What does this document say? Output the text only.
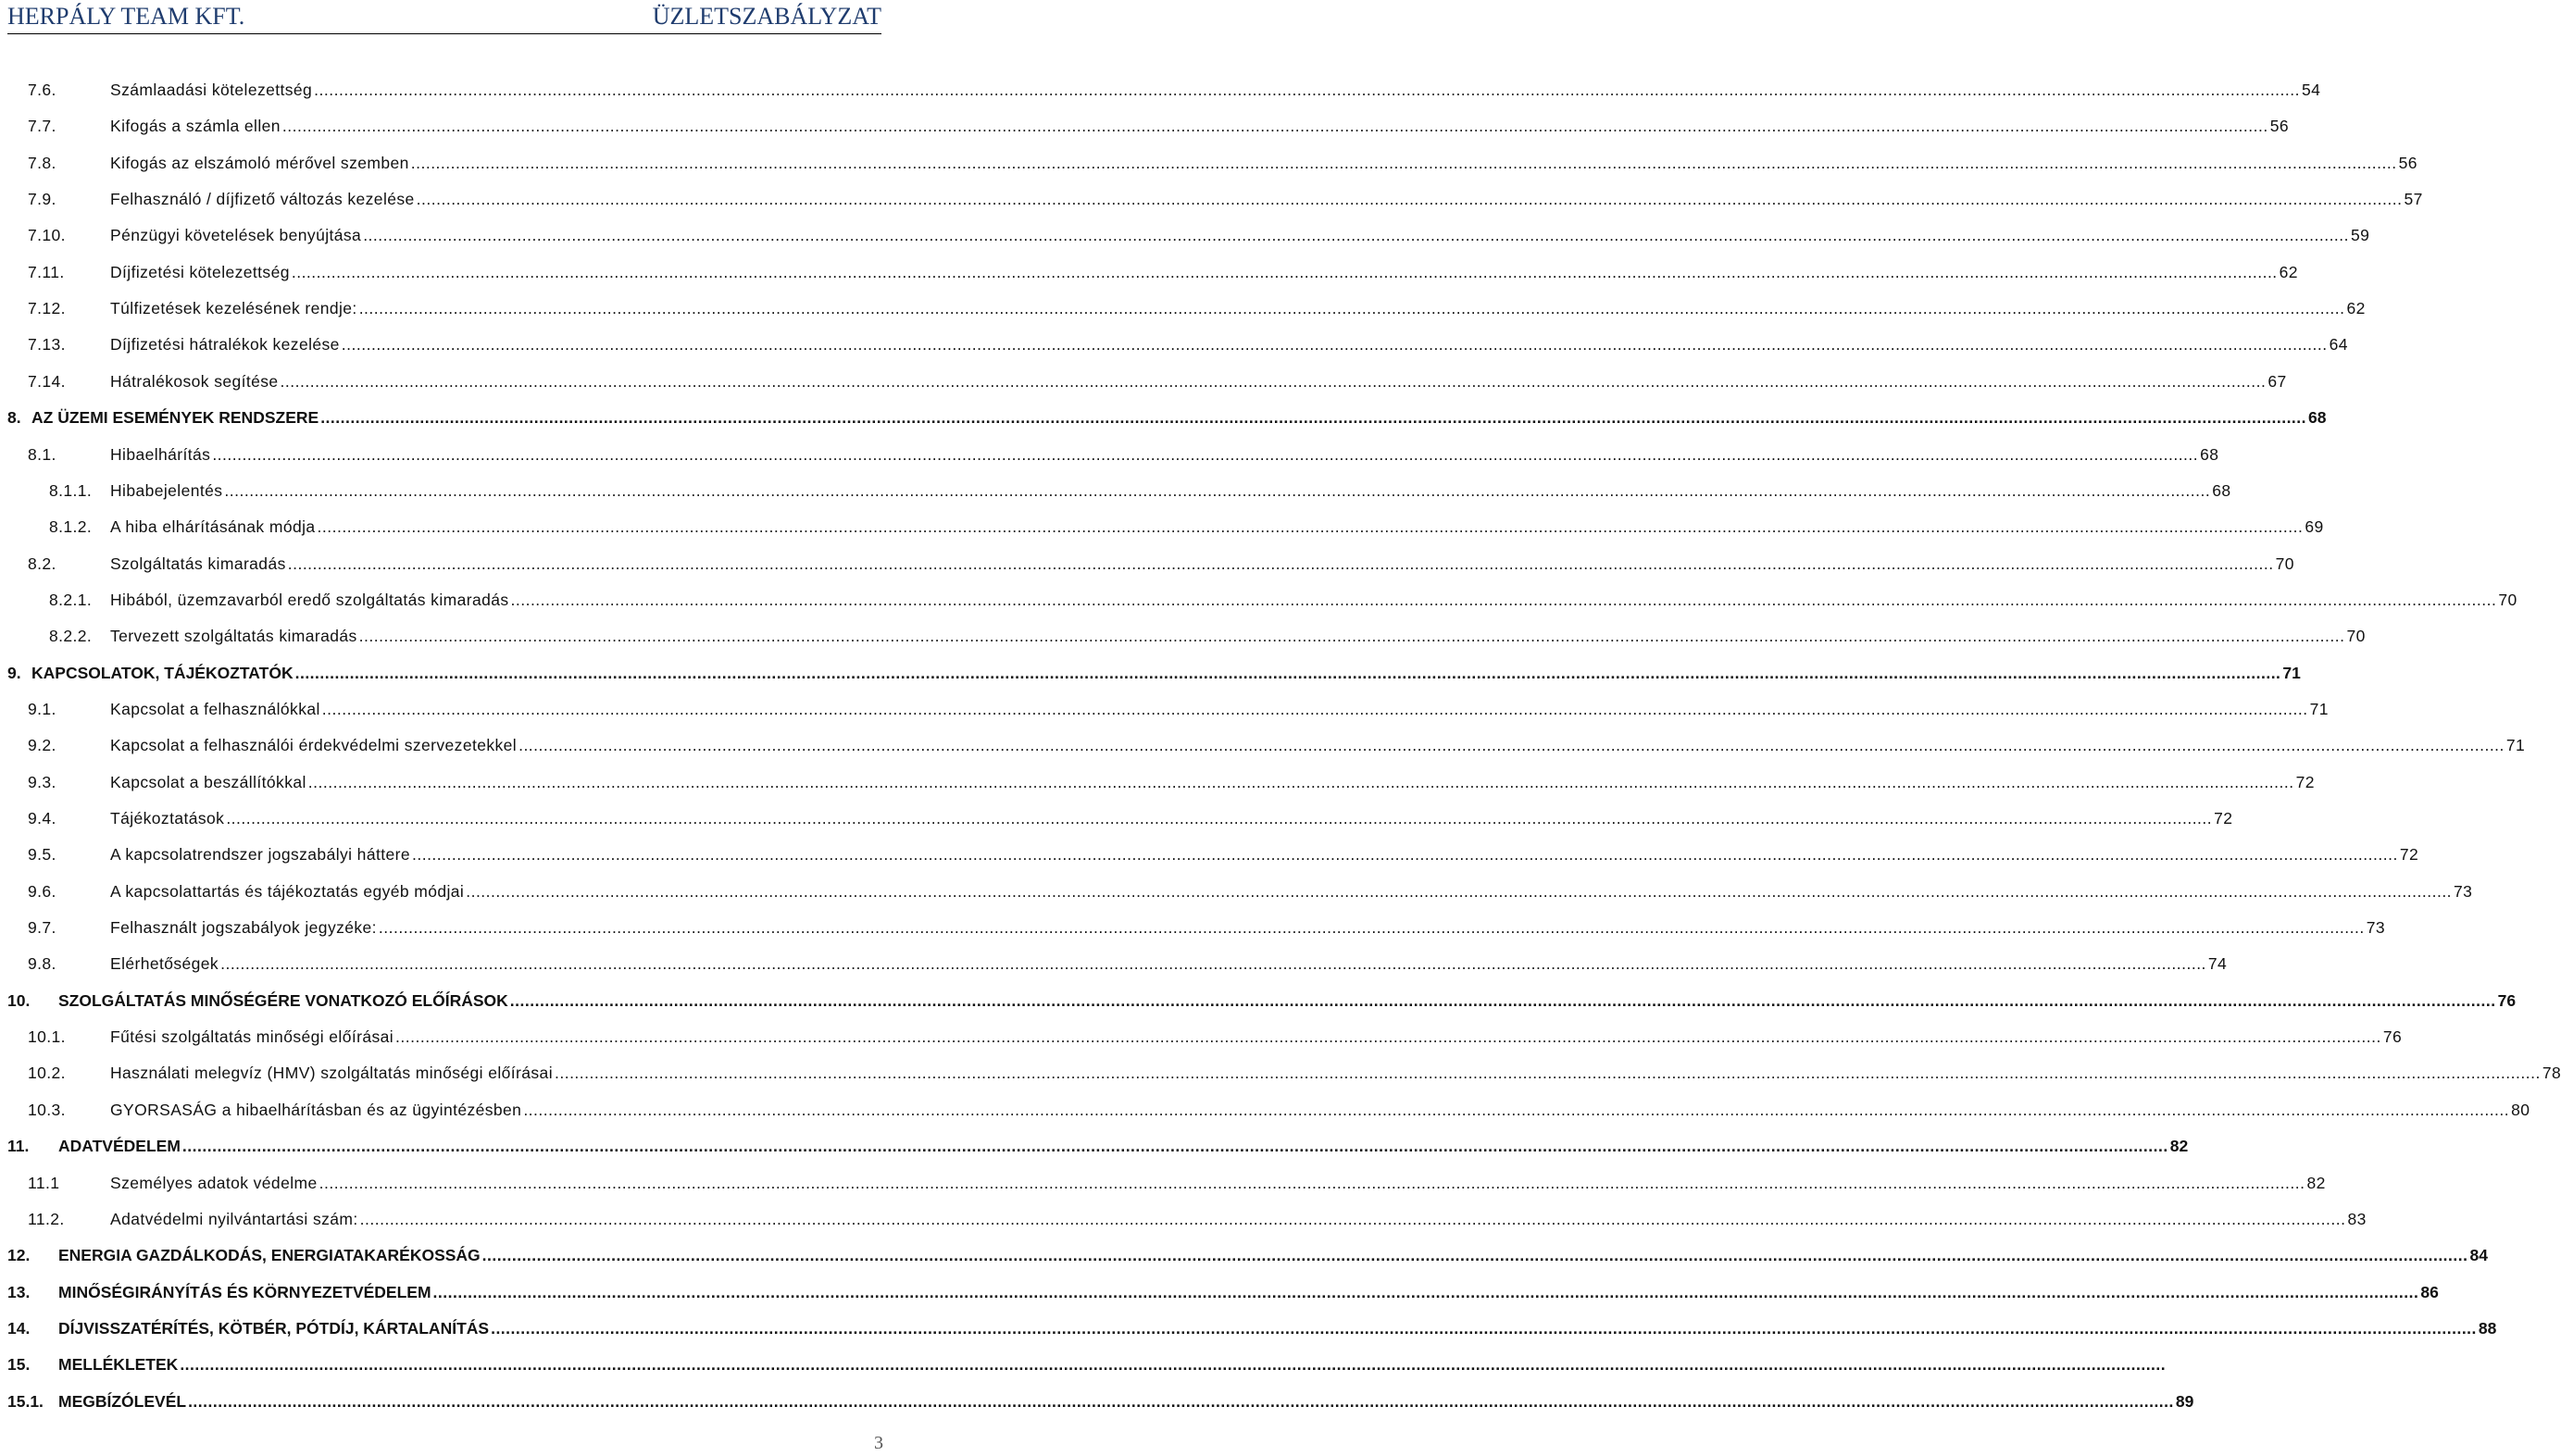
HERPÁLY TEAM KFT.	ÜZLETSZABÁLYZAT
7.6.	Számlaadási kötelezettség ................................................................................................................................................................................................................................................................................................................................................................................................................ 54
7.7.	Kifogás a számla ellen ................................................................................................................................................................................................................................................................................................................................................................................................................ 56
7.8.	Kifogás az elszámoló mérővel szemben ................................................................................................................................................................................................................................................................................................................................................................................................................ 56
7.9.	Felhasználó / díjfizető változás kezelése ................................................................................................................................................................................................................................................................................................................................................................................................................ 57
7.10.	Pénzügyi követelések benyújtása ................................................................................................................................................................................................................................................................................................................................................................................................................ 59
7.11.	Díjfizetési kötelezettség ................................................................................................................................................................................................................................................................................................................................................................................................................ 62
7.12.	Túlfizetések kezelésének rendje: ................................................................................................................................................................................................................................................................................................................................................................................................................ 62
7.13.	Díjfizetési hátralékok kezelése ................................................................................................................................................................................................................................................................................................................................................................................................................ 64
7.14.	Hátralékosok segítése ................................................................................................................................................................................................................................................................................................................................................................................................................ 67
8. AZ ÜZEMI ESEMÉNYEK RENDSZERE ................................................................................................................................................................................................................................................................................................................................................................................................................ 68
8.1.	Hibaelhárítás ................................................................................................................................................................................................................................................................................................................................................................................................................ 68
8.1.1. Hibabejelentés ................................................................................................................................................................................................................................................................................................................................................................................................................ 68
8.1.2. A hiba elhárításának módja ................................................................................................................................................................................................................................................................................................................................................................................................................ 69
8.2.	Szolgáltatás kimaradás ................................................................................................................................................................................................................................................................................................................................................................................................................ 70
8.2.1. Hibából, üzemzavarból eredő szolgáltatás kimaradás ................................................................................................................................................................................................................................................................................................................................................................................................................ 70
8.2.2. Tervezett szolgáltatás kimaradás ................................................................................................................................................................................................................................................................................................................................................................................................................ 70
9. KAPCSOLATOK, TÁJÉKOZTATÓK ................................................................................................................................................................................................................................................................................................................................................................................................................ 71
9.1.	Kapcsolat a felhasználókkal ................................................................................................................................................................................................................................................................................................................................................................................................................ 71
9.2.	Kapcsolat a felhasználói érdekvédelmi szervezetekkel ................................................................................................................................................................................................................................................................................................................................................................................................................ 71
9.3.	Kapcsolat a beszállítókkal ................................................................................................................................................................................................................................................................................................................................................................................................................ 72
9.4.	Tájékoztatások ................................................................................................................................................................................................................................................................................................................................................................................................................ 72
9.5.	A kapcsolatrendszer jogszabályi háttere ................................................................................................................................................................................................................................................................................................................................................................................................................ 72
9.6.	A kapcsolattartás és tájékoztatás egyéb módjai ................................................................................................................................................................................................................................................................................................................................................................................................................ 73
9.7.	Felhasznált jogszabályok jegyzéke: ................................................................................................................................................................................................................................................................................................................................................................................................................ 73
9.8.	Elérhetőségek ................................................................................................................................................................................................................................................................................................................................................................................................................ 74
10. SZOLGÁLTATÁS MINŐSÉGÉRE VONATKOZÓ ELŐÍRÁSOK ................................................................................................................................................................................................................................................................................................................................................................................................................ 76
10.1.	Fűtési szolgáltatás minőségi előírásai ................................................................................................................................................................................................................................................................................................................................................................................................................ 76
10.2.	Használati melegvíz (HMV) szolgáltatás minőségi előírásai ................................................................................................................................................................................................................................................................................................................................................................................................................ 78
10.3.	GYORSASÁG a hibaelhárításban és az ügyintézésben ................................................................................................................................................................................................................................................................................................................................................................................................................ 80
11. ADATVÉDELEM ................................................................................................................................................................................................................................................................................................................................................................................................................ 82
11.1	Személyes adatok védelme ................................................................................................................................................................................................................................................................................................................................................................................................................ 82
11.2.	Adatvédelmi nyilvántartási szám: ................................................................................................................................................................................................................................................................................................................................................................................................................ 83
12. ENERGIA GAZDÁLKODÁS, ENERGIATAKARÉKOSSÁG ................................................................................................................................................................................................................................................................................................................................................................................................................ 84
13. MINŐSÉGIRÁNYÍTÁS ÉS KÖRNYEZETVÉDELEM ................................................................................................................................................................................................................................................................................................................................................................................................................ 86
14. DÍJVISSZATÉRÍTÉS, KÖTBÉR, PÓTDÍJ, KÁRTALANÍTÁS ................................................................................................................................................................................................................................................................................................................................................................................................................ 88
15. MELLÉKLETEK ................................................................................................................................................................................................................................................................................................................................................................................................................
15.1. MEGBÍZÓLEVÉL ................................................................................................................................................................................................................................................................................................................................................................................................................ 89
3
